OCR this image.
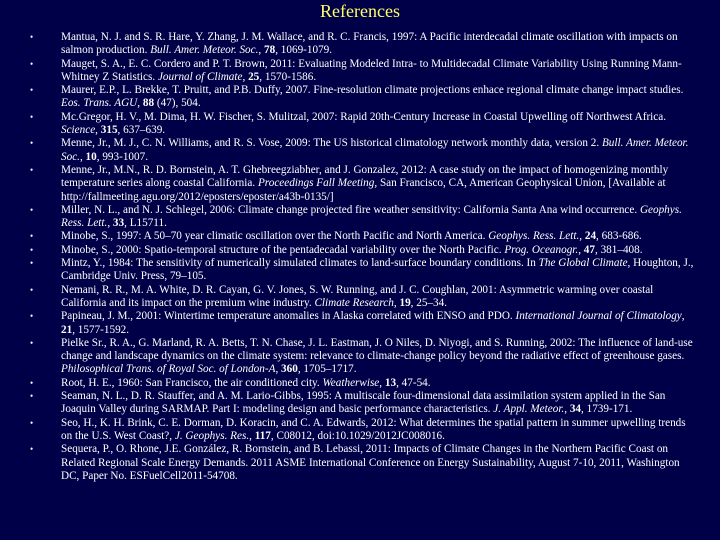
References
• Mantua, N. J. and S. R. Hare, Y. Zhang, J. M. Wallace, and R. C. Francis, 1997: A Pacific interdecadal climate oscillation with impacts on salmon production. Bull. Amer. Meteor. Soc., 78, 1069-1079.
• Mauget, S. A., E. C. Cordero and P. T. Brown, 2011: Evaluating Modeled Intra- to Multidecadal Climate Variability Using Running Mann-Whitney Z Statistics. Journal of Climate, 25, 1570-1586.
• Maurer, E.P., L. Brekke, T. Pruitt, and P.B. Duffy, 2007. Fine-resolution climate projections enhace regional climate change impact studies. Eos. Trans. AGU, 88 (47), 504.
• Mc.Gregor, H. V., M. Dima, H. W. Fischer, S. Mulitzal, 2007: Rapid 20th-Century Increase in Coastal Upwelling off Northwest Africa. Science, 315, 637–639.
• Menne, Jr., M. J., C. N. Williams, and R. S. Vose, 2009: The US historical climatology network monthly data, version 2. Bull. Amer. Meteor. Soc., 10, 993-1007.
• Menne, Jr., M.N., R. D. Bornstein, A. T. Ghebreegziabher, and J. Gonzalez, 2012: A case study on the impact of homogenizing monthly temperature series along coastal California. Proceedings Fall Meeting, San Francisco, CA, American Geophysical Union, [Available at http://fallmeeting.agu.org/2012/eposters/eposter/a43b-0135/]
• Miller, N. L., and N. J. Schlegel, 2006: Climate change projected fire weather sensitivity: California Santa Ana wind occurrence. Geophys. Ress. Lett., 33, L15711.
• Minobe, S., 1997: A 50–70 year climatic oscillation over the North Pacific and North America. Geophys. Ress. Lett., 24, 683-686.
• Minobe, S., 2000: Spatio-temporal structure of the pentadecadal variability over the North Pacific. Prog. Oceanogr., 47, 381–408.
• Mintz, Y., 1984: The sensitivity of numerically simulated climates to land-surface boundary conditions. In The Global Climate, Houghton, J., Cambridge Univ. Press, 79–105.
• Nemani, R. R., M. A. White, D. R. Cayan, G. V. Jones, S. W. Running, and J. C. Coughlan, 2001: Asymmetric warming over coastal California and its impact on the premium wine industry. Climate Research, 19, 25–34.
• Papineau, J. M., 2001: Wintertime temperature anomalies in Alaska correlated with ENSO and PDO. International Journal of Climatology, 21, 1577-1592.
• Pielke Sr., R. A., G. Marland, R. A. Betts, T. N. Chase, J. L. Eastman, J. O Niles, D. Niyogi, and S. Running, 2002: The influence of land-use change and landscape dynamics on the climate system: relevance to climate-change policy beyond the radiative effect of greenhouse gases. Philosophical Trans. of Royal Soc. of London-A, 360, 1705–1717.
• Root, H. E., 1960: San Francisco, the air conditioned city. Weatherwise, 13, 47-54.
• Seaman, N. L., D. R. Stauffer, and A. M. Lario-Gibbs, 1995: A multiscale four-dimensional data assimilation system applied in the San Joaquin Valley during SARMAP. Part I: modeling design and basic performance characteristics. J. Appl. Meteor., 34, 1739-171.
• Seo, H., K. H. Brink, C. E. Dorman, D. Koracin, and C. A. Edwards, 2012: What determines the spatial pattern in summer upwelling trends on the U.S. West Coast?, J. Geophys. Res., 117, C08012, doi:10.1029/2012JC008016.
• Sequera, P., O. Rhone, J.E. González, R. Bornstein, and B. Lebassi, 2011: Impacts of Climate Changes in the Northern Pacific Coast on Related Regional Scale Energy Demands. 2011 ASME International Conference on Energy Sustainability, August 7-10, 2011, Washington DC, Paper No. ESFuelCell2011-54708.
